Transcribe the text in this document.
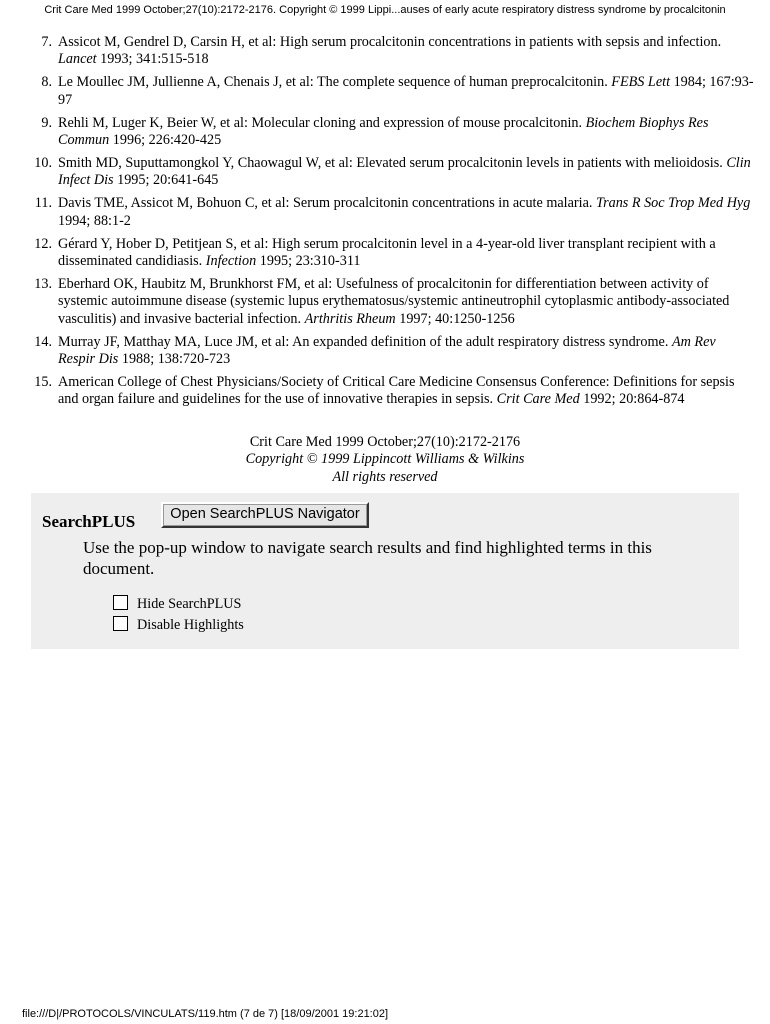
Crit Care Med 1999 October;27(10):2172-2176. Copyright © 1999 Lippi...auses of early acute respiratory distress syndrome by procalcitonin
7. Assicot M, Gendrel D, Carsin H, et al: High serum procalcitonin concentrations in patients with sepsis and infection. Lancet 1993; 341:515-518
8. Le Moullec JM, Jullienne A, Chenais J, et al: The complete sequence of human preprocalcitonin. FEBS Lett 1984; 167:93-97
9. Rehli M, Luger K, Beier W, et al: Molecular cloning and expression of mouse procalcitonin. Biochem Biophys Res Commun 1996; 226:420-425
10. Smith MD, Suputtamongkol Y, Chaowagul W, et al: Elevated serum procalcitonin levels in patients with melioidosis. Clin Infect Dis 1995; 20:641-645
11. Davis TME, Assicot M, Bohuon C, et al: Serum procalcitonin concentrations in acute malaria. Trans R Soc Trop Med Hyg 1994; 88:1-2
12. Gérard Y, Hober D, Petitjean S, et al: High serum procalcitonin level in a 4-year-old liver transplant recipient with a disseminated candidiasis. Infection 1995; 23:310-311
13. Eberhard OK, Haubitz M, Brunkhorst FM, et al: Usefulness of procalcitonin for differentiation between activity of systemic autoimmune disease (systemic lupus erythematosus/systemic antineutrophil cytoplasmic antibody-associated vasculitis) and invasive bacterial infection. Arthritis Rheum 1997; 40:1250-1256
14. Murray JF, Matthay MA, Luce JM, et al: An expanded definition of the adult respiratory distress syndrome. Am Rev Respir Dis 1988; 138:720-723
15. American College of Chest Physicians/Society of Critical Care Medicine Consensus Conference: Definitions for sepsis and organ failure and guidelines for the use of innovative therapies in sepsis. Crit Care Med 1992; 20:864-874
Crit Care Med 1999 October;27(10):2172-2176
Copyright © 1999 Lippincott Williams & Wilkins
All rights reserved
SearchPLUS	Open SearchPLUS Navigator
Use the pop-up window to navigate search results and find highlighted terms in this document.
Hide SearchPLUS
Disable Highlights
file:///D|/PROTOCOLS/VINCULATS/119.htm (7 de 7) [18/09/2001 19:21:02]
